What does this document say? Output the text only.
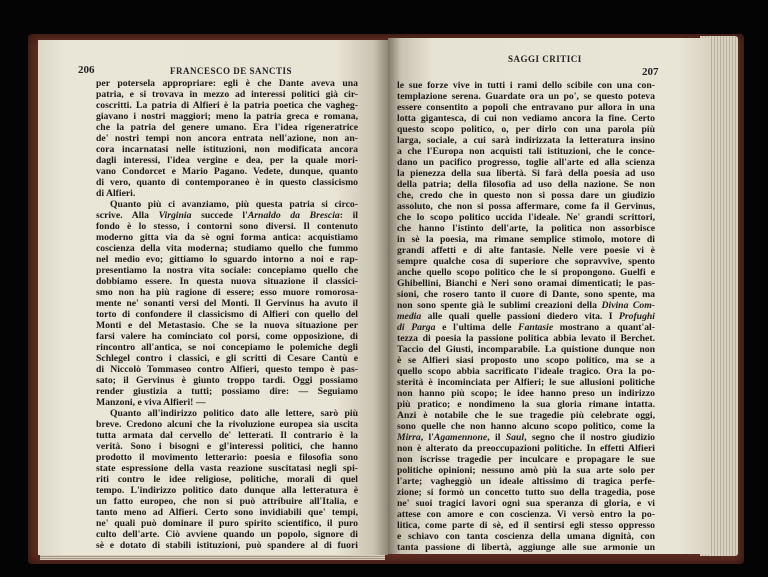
206	FRANCESCO DE SANCTIS
per potersela appropriare: egli è che Dante aveva una
patria, e si trovava in mezzo ad interessi politici già cir-
coscritti. La patria di Alfieri è la patria poetica che vagheg-
giavano i nostri maggiori; meno la patria greca e romana,
che la patria del genere umano. Era l'idea rigeneratrice
de' nostri tempi non ancora entrata nell'azione, non an-
cora incarnatasi nelle istituzioni, non modificata ancora
dagli interessi, l'idea vergine e dea, per la quale mori-
vano Condorcet e Mario Pagano. Vedete, dunque, quanto
di vero, quanto di contemporaneo è in questo classicismo
di Alfieri.
Quanto più ci avanziamo, più questa patria si circo-
scrive. Alla Virginia succede l'Arnaldo da Brescia: il
fondo è lo stesso, i contorni sono diversi. Il contenuto
moderno gitta via da sè ogni forma antica: acquistiamo
coscienza della vita moderna; studiamo quello che fummo
nel medio evo; gittiamo lo sguardo intorno a noi e rap-
presentiamo la nostra vita sociale: concepiamo quello che
dobbiamo essere. In questa nuova situazione il classici-
smo non ha più ragione di essere; esso muore romorosa-
mente ne' sonanti versi del Monti. Il Gervinus ha avuto il
torto di confondere il classicismo di Alfieri con quello del
Monti e del Metastasio. Che se la nuova situazione per
farsi valere ha cominciato col porsi, come opposizione, di
rincontro all'antica, se noi concepiamo le polemiche degli
Schlegel contro i classici, e gli scritti di Cesare Cantù e
di Niccolò Tommaseo contro Alfieri, questo tempo è pas-
sato; il Gervinus è giunto troppo tardi. Oggi possiamo
render giustizia a tutti; possiamo dire: — Seguiamo
Manzoni, e viva Alfieri! —
Quanto all'indirizzo politico dato alle lettere, sarò più
breve. Credono alcuni che la rivoluzione europea sia uscita
tutta armata dal cervello de' letterati. Il contrario è la
verità. Sono i bisogni e gl'interessi politici, che hanno
prodotto il movimento letterario: poesia e filosofia sono
state espressione della vasta reazione suscitatasi negli spi-
riti contro le idee religiose, politiche, morali di quel
tempo. L'indirizzo politico dato dunque alla letteratura è
un fatto europeo, che non si può attribuire all'Italia, e
tanto meno ad Alfieri. Certo sono invidiabili que' tempi,
ne' quali può dominare il puro spirito scientifico, il puro
culto dell'arte. Ciò avviene quando un popolo, signore di
sè e dotato di stabili istituzioni, può spandere al di fuori
SAGGI CRITICI
207
le sue forze vive in tutti i rami dello scibile con una con-
templazione serena. Guardate ora un po', se questo poteva
essere consentito a popoli che entravano pur allora in una
lotta gigantesca, di cui non vediamo ancora la fine. Certo
questo scopo politico, o, per dirlo con una parola più
larga, sociale, a cui sarà indirizzata la letteratura insino
a che l'Europa non acquisti tali istituzioni, che le conce-
dano un pacifico progresso, toglie all'arte ed alla scienza
la pienezza della sua libertà. Si farà della poesia ad uso
della patria; della filosofia ad uso della nazione. Se non
che, credo che in questo non si possa dare un giudizio
assoluto, che non si possa affermare, come fa il Gervinus,
che lo scopo politico uccida l'ideale. Ne' grandi scrittori,
che hanno l'istinto dell'arte, la politica non assorbisce
in sè la poesia, ma rimane semplice stimolo, motore di
grandi affetti e di alte fantasie. Nelle vere poesie vi è
sempre qualche cosa di superiore che sopravvive, spento
anche quello scopo politico che le si propongono. Guelfi e
Ghibellini, Bianchi e Neri sono oramai dimenticati; le pas-
sioni, che rosero tanto il cuore di Dante, sono spente, ma
non sono spente già le sublimi creazioni della Divina Com-
media alle quali quelle passioni diedero vita. I Profughi
di Parga e l'ultima delle Fantasie mostrano a quant'al-
tezza di poesia la passione politica abbia levato il Berchet.
Taccio del Giusti, incomparabile. La quistione dunque non
è se Alfieri siasi proposto uno scopo politico, ma se a
quello scopo abbia sacrificato l'ideale tragico. Ora la po-
sterità è incominciata per Alfieri; le sue allusioni politiche
non hanno più scopo; le idee hanno preso un indirizzo
più pratico; e nondimeno la sua gloria rimane intatta.
Anzi è notabile che le sue tragedie più celebrate oggi,
sono quelle che non hanno alcuno scopo politico, come la
Mirra, l'Agamennone, il Saul, segno che il nostro giudizio
non è alterato da preoccupazioni politiche. In effetti Alfieri
non iscrisse tragedie per inculcare e propagare le sue
politiche opinioni; nessuno amò più la sua arte solo per
l'arte; vagheggiò un ideale altissimo di tragica perfe-
zione; si formò un concetto tutto suo della tragedia, pose
ne' suoi tragici lavori ogni sua speranza di gloria, e vi
attese con amore e con coscienza. Vi versò entro la po-
litica, come parte di sè, ed il sentirsi egli stesso oppresso
e schiavo con tanta coscienza della umana dignità, con
tanta passione di libertà, aggiunge alle sue armonie un
